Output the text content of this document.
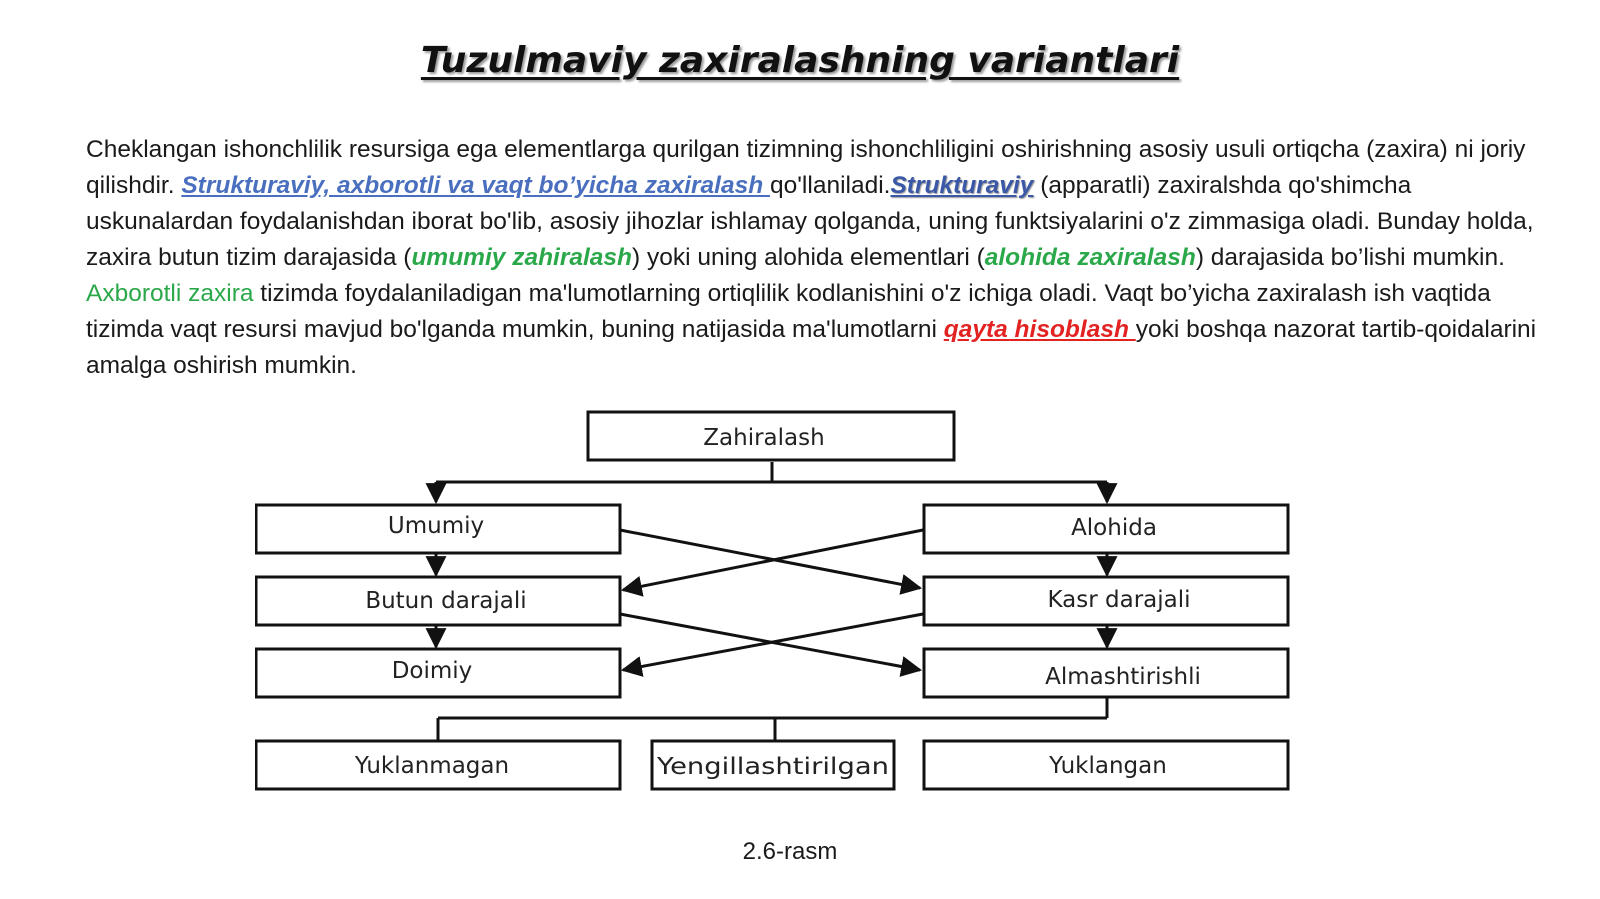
Tuzulmaviy zaxiralashning variantlari
Cheklangan ishonchlilik resursiga ega elementlarga qurilgan tizimning ishonchliligini oshirishning asosiy usuli ortiqcha (zaxira) ni joriy qilishdir. Strukturaviy, axborotli va vaqt bo’yicha zaxiralash qo'llaniladi.Strukturaviy (apparatli) zaxiralshda qo'shimcha uskunalardan foydalanishdan iborat bo'lib, asosiy jihozlar ishlamay qolganda, uning funktsiyalarini o'z zimmasiga oladi. Bunday holda, zaxira butun tizim darajasida (umumiy zahiralash) yoki uning alohida elementlari (alohida zaxiralash) darajasida bo’lishi mumkin. Axborotli zaxira tizimda foydalaniladigan ma'lumotlarning ortiqlilik kodlanishini o'z ichiga oladi. Vaqt bo’yicha zaxiralash ish vaqtida tizimda vaqt resursi mavjud bo'lganda mumkin, buning natijasida ma'lumotlarni qayta hisoblash yoki boshqa nazorat tartib-qoidalarini amalga oshirish mumkin.
Zahiralash
Umumiy
Butun darajali
Doimiy
Alohida
Kasr darajali
Almashtirishli
Yuklanmagan	Yengillashtirilgan	Yuklangan
2.6-rasm
